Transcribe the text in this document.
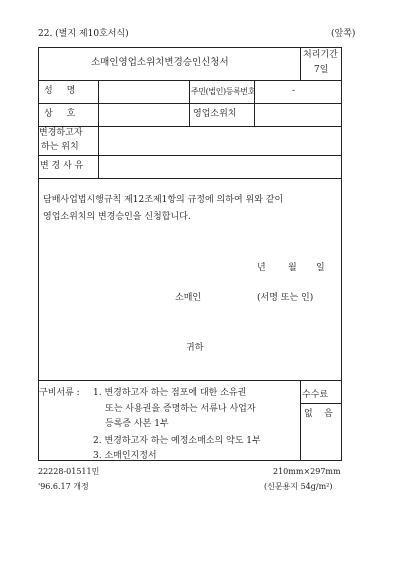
22. (별지 제10호서식)	(앞쪽)
소매인영업소위치변경승인신청서
처리기간
7일
성    명	주민(법인)등록번호	-
상    호	영업소위치
변경하고자
하는 위치
변 경 사 유
담배사업법시행규칙 제12조제1항의 규정에 의하여 위와 같이
영업소위치의 변경승인을 신청합니다.
년 월 일
소매인	(서명 또는 인)
귀하
구비서류 : 1. 변경하고자 하는 점포에 대한 소유권
또는 사용권을 증명하는 서류나 사업자
등록증 사본 1부
2. 변경하고자 하는 예정소매소의 약도 1부
3. 소매인지정서
수수료
없    음
22228-01511민
'96.6.17 개정
210mm×297mm
(신문용지 54g/m²)
